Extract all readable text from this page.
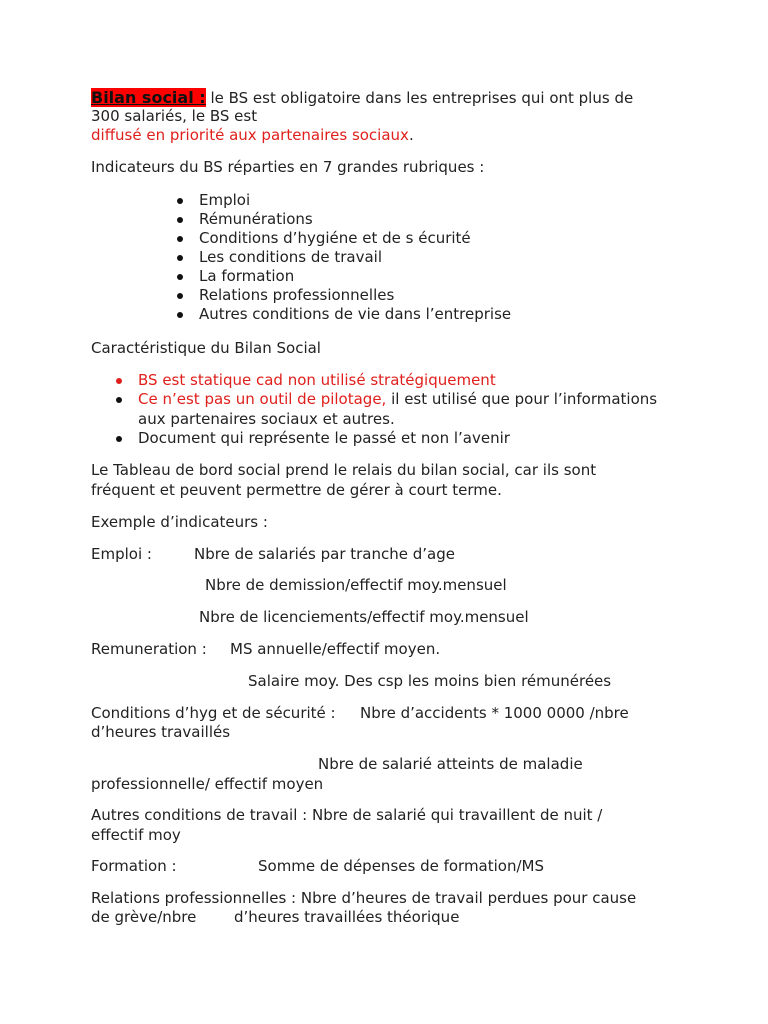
Bilan social : le BS est obligatoire dans les entreprises qui ont plus de
300 salariés, le BS est
diffusé en priorité aux partenaires sociaux.
Indicateurs du BS réparties en 7 grandes rubriques :
Emploi
Rémunérations
Conditions d’hygiéne et de s écurité
Les conditions de travail
La formation
Relations professionnelles
Autres conditions de vie dans l’entreprise
Caractéristique du Bilan Social
BS est statique cad non utilisé stratégiquement
Ce n’est pas un outil de pilotage, il est utilisé que pour l’informations
aux partenaires sociaux et autres.
Document qui représente le passé et non l’avenir
Le Tableau de bord social prend le relais du bilan social, car ils sont
fréquent et peuvent permettre de gérer à court terme.
Exemple d’indicateurs :
Emploi :	Nbre de salariés par tranche d’age
Nbre de demission/effectif moy.mensuel
Nbre de licenciements/effectif moy.mensuel
Remuneration : MS annuelle/effectif moyen.
Salaire moy. Des csp les moins bien rémunérées
Conditions d’hyg et de sécurité : Nbre d’accidents * 1000 0000 /nbre
d’heures travaillés
Nbre de salarié atteints de maladie
professionnelle/ effectif moyen
Autres conditions de travail : Nbre de salarié qui travaillent de nuit /
effectif moy
Formation :	Somme de dépenses de formation/MS
Relations professionnelles : Nbre d’heures de travail perdues pour cause
de grève/nbre	d’heures travaillées théorique
